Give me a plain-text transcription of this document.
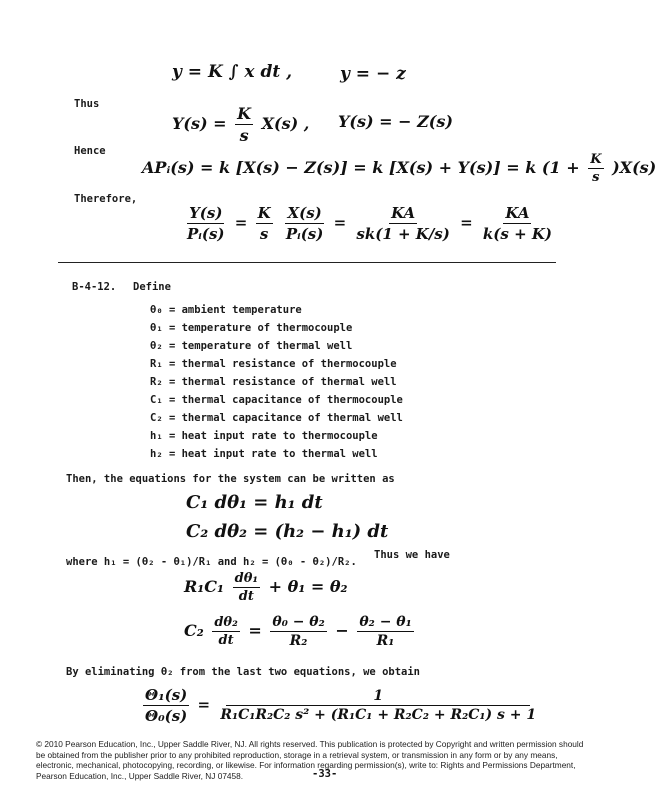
y = K ∫ x dt ,	y = − z
Thus
$Y(s) = \frac{K}{s} X(s)$ , Y(s) = − Z(s)
Hence
APᵢ(s) = k [X(s) − Z(s)] = k [X(s) + Y(s)] = k $(1 + \frac{K}{s} )X(s)$
Therefore,
$\frac{Y(s)}{\text{Pᵢ(s)}} = \frac{K}{s}$
$\frac{X(s)}{\text{Pᵢ(s)}} = \frac{KA}{sk(1 + K/s)} = \frac{KA}{k(s + K)}$
B-4-12. Define
θ₀ = ambient temperature
θ₁ = temperature of thermocouple
θ₂ = temperature of thermal well
R₁ = thermal resistance of thermocouple
R₂ = thermal resistance of thermal well
C₁ = thermal capacitance of thermocouple
C₂ = thermal capacitance of thermal well
h₁ = heat input rate to thermocouple
h₂ = heat input rate to thermal well
Then, the equations for the system can be written as
C₁ dθ₁ = h₁ dt
C₂ dθ₂ = (h₂ − h₁) dt
where h₁ = (θ₂ - θ₁)/R₁ and h₂ = (θ₀ - θ₂)/R₂.
Thus we have
$R_1C_1 \frac{\text{dθ₁}}{dt} + \theta_1 = \theta_2$
$C_2 \frac{\text{dθ₂}}{dt} = \frac{\text{θ₀ − θ₂}}{\text{R₂}} - \frac{\text{θ₂ − θ₁}}{\text{R₁}}$
By eliminating θ₂ from the last two equations, we obtain
$\frac{\text{Θ₁(s)}}{\text{Θ₀(s)}} = \frac{1}{\text{R₁C₁R₂C₂ s² + (R₁C₁ + R₂C₂ + R₂C₁) s + 1}}$
© 2010 Pearson Education, Inc., Upper Saddle River, NJ. All rights reserved. This publication is protected by Copyright and written permission should be obtained from the publisher prior to any prohibited reproduction, storage in a retrieval system, or transmission in any form or by any means, electronic, mechanical, photocopying, recording, or likewise. For information regarding permission(s), write to: Rights and Permissions Department, Pearson Education, Inc., Upper Saddle River, NJ 07458.	-33-
